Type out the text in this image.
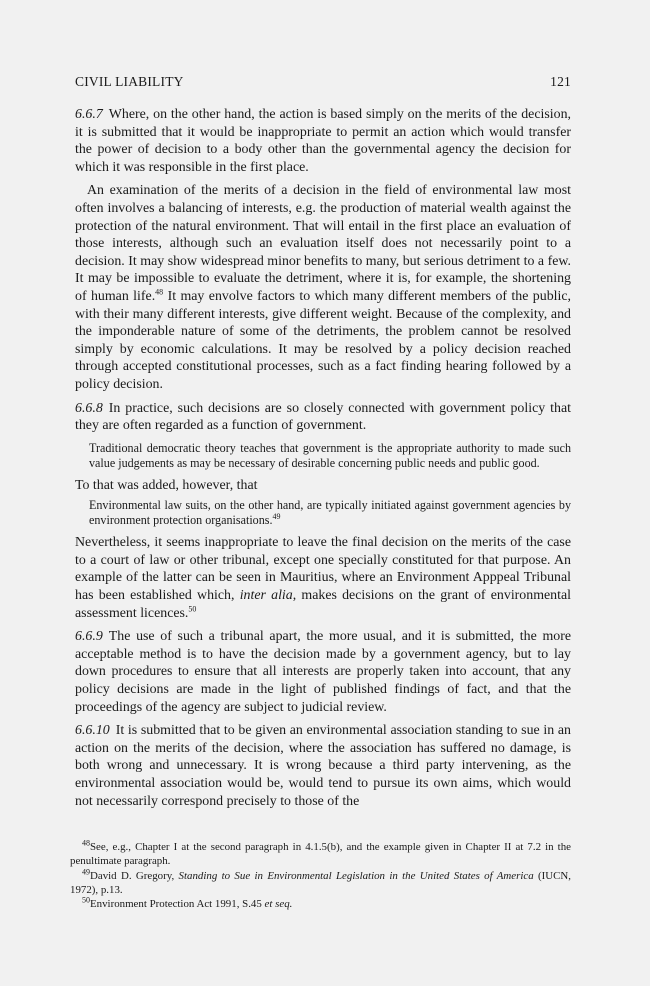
CIVIL LIABILITY	121

6.6.7 Where, on the other hand, the action is based simply on the merits of the decision, it is submitted that it would be inappropriate to permit an action which would transfer the power of decision to a body other than the governmental agency the decision for which it was responsible in the first place.

An examination of the merits of a decision in the field of environmental law most often involves a balancing of interests, e.g. the production of material wealth against the protection of the natural environment. That will entail in the first place an evaluation of those interests, although such an evaluation itself does not necessarily point to a decision. It may show widespread minor benefits to many, but serious detriment to a few. It may be impossible to evaluate the detriment, where it is, for example, the shortening of human life.$^{48}$ It may envolve factors to which many different members of the public, with their many different interests, give different weight. Because of the complexity, and the imponderable nature of some of the detriments, the problem cannot be resolved simply by economic calculations. It may be resolved by a policy decision reached through accepted constitutional processes, such as a fact finding hearing followed by a policy decision.

6.6.8 In practice, such decisions are so closely connected with government policy that they are often regarded as a function of government.

Traditional democratic theory teaches that government is the appropriate authority to made such value judgements as may be necessary of desirable concerning public needs and public good.

To that was added, however, that

Environmental law suits, on the other hand, are typically initiated against government agencies by environment protection organisations.$^{49}$

Nevertheless, it seems inappropriate to leave the final decision on the merits of the case to a court of law or other tribunal, except one specially constituted for that purpose. An example of the latter can be seen in Mauritius, where an Environment Apppeal Tribunal has been established which, inter alia, makes decisions on the grant of environmental assessment licences.$^{50}$

6.6.9 The use of such a tribunal apart, the more usual, and it is submitted, the more acceptable method is to have the decision made by a government agency, but to lay down procedures to ensure that all interests are properly taken into account, that any policy decisions are made in the light of published findings of fact, and that the proceedings of the agency are subject to judicial review.

6.6.10 It is submitted that to be given an environmental association standing to sue in an action on the merits of the decision, where the association has suffered no damage, is both wrong and unnecessary. It is wrong because a third party intervening, as the environmental association would be, would tend to pursue its own aims, which would not necessarily correspond precisely to those of the

$^{48}$See, e.g., Chapter I at the second paragraph in 4.1.5(b), and the example given in Chapter II at 7.2 in the penultimate paragraph.

$^{49}$David D. Gregory, Standing to Sue in Environmental Legislation in the United States of America (IUCN, 1972), p.13.

$^{50}$Environment Protection Act 1991, S.45 et seq.
